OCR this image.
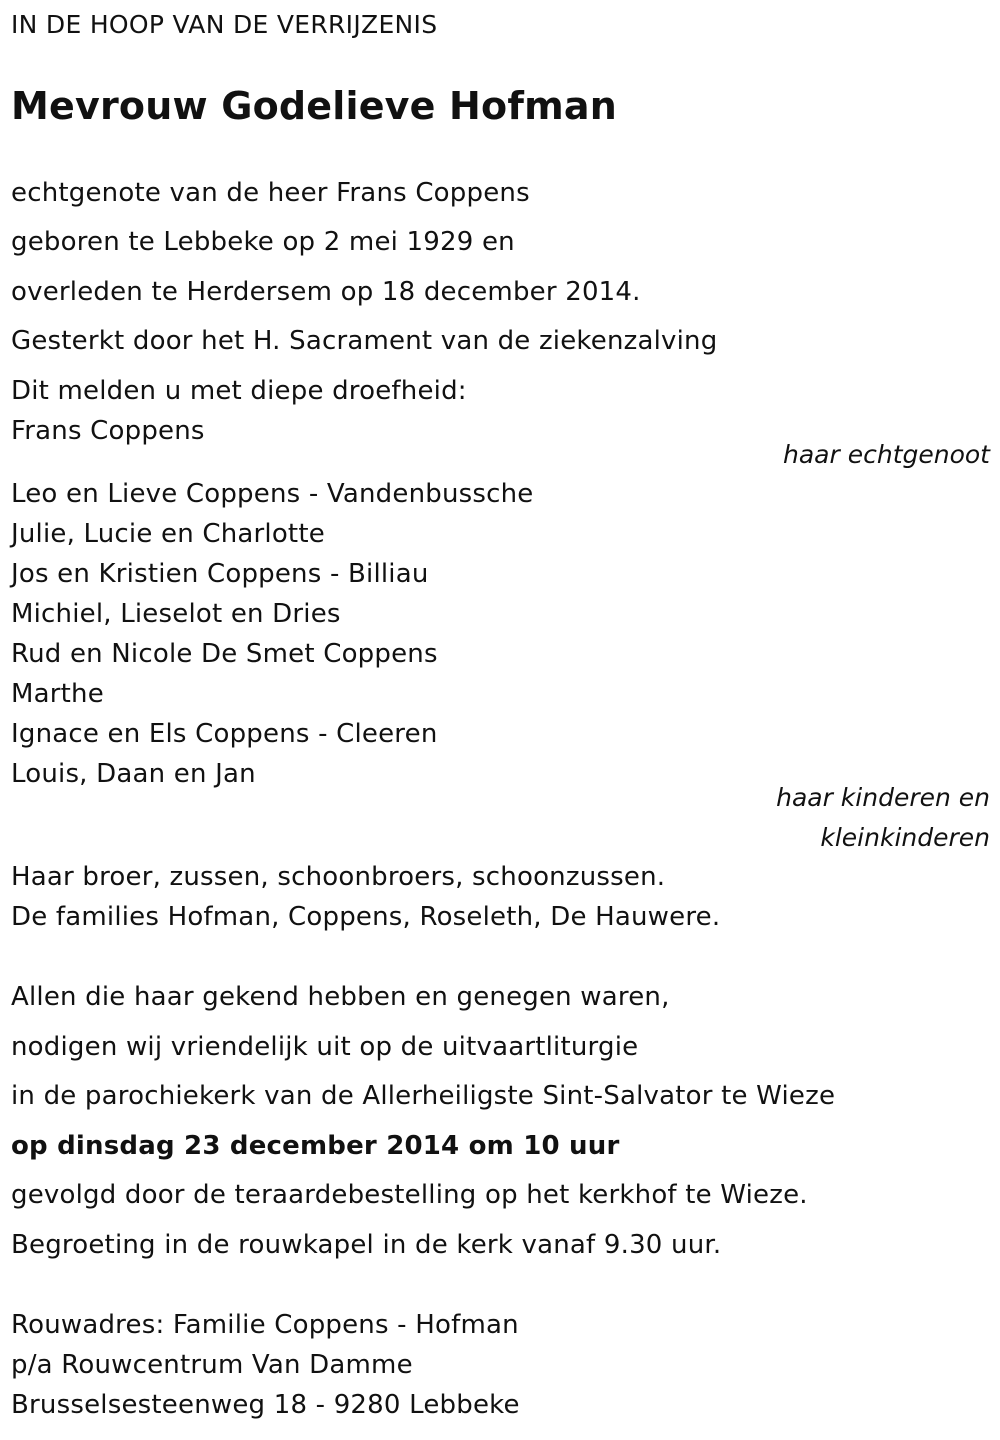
IN DE HOOP VAN DE VERRIJZENIS
Mevrouw Godelieve Hofman
echtgenote van de heer Frans Coppens
geboren te Lebbeke op 2 mei 1929 en
overleden te Herdersem op 18 december 2014.
Gesterkt door het H. Sacrament van de ziekenzalving
Dit melden u met diepe droefheid:
Frans Coppens
haar echtgenoot
Leo en Lieve Coppens - Vandenbussche
Julie, Lucie en Charlotte
Jos en Kristien Coppens - Billiau
Michiel, Lieselot en Dries
Rud en Nicole De Smet Coppens
Marthe
Ignace en Els Coppens - Cleeren
Louis, Daan en Jan
haar kinderen en
kleinkinderen
Haar broer, zussen, schoonbroers, schoonzussen.
De families Hofman, Coppens, Roseleth, De Hauwere.
Allen die haar gekend hebben en genegen waren,
nodigen wij vriendelijk uit op de uitvaartliturgie
in de parochiekerk van de Allerheiligste Sint-Salvator te Wieze
op dinsdag 23 december 2014 om 10 uur
gevolgd door de teraardebestelling op het kerkhof te Wieze.
Begroeting in de rouwkapel in de kerk vanaf 9.30 uur.
Rouwadres: Familie Coppens - Hofman
p/a Rouwcentrum Van Damme
Brusselsesteenweg 18 - 9280 Lebbeke
